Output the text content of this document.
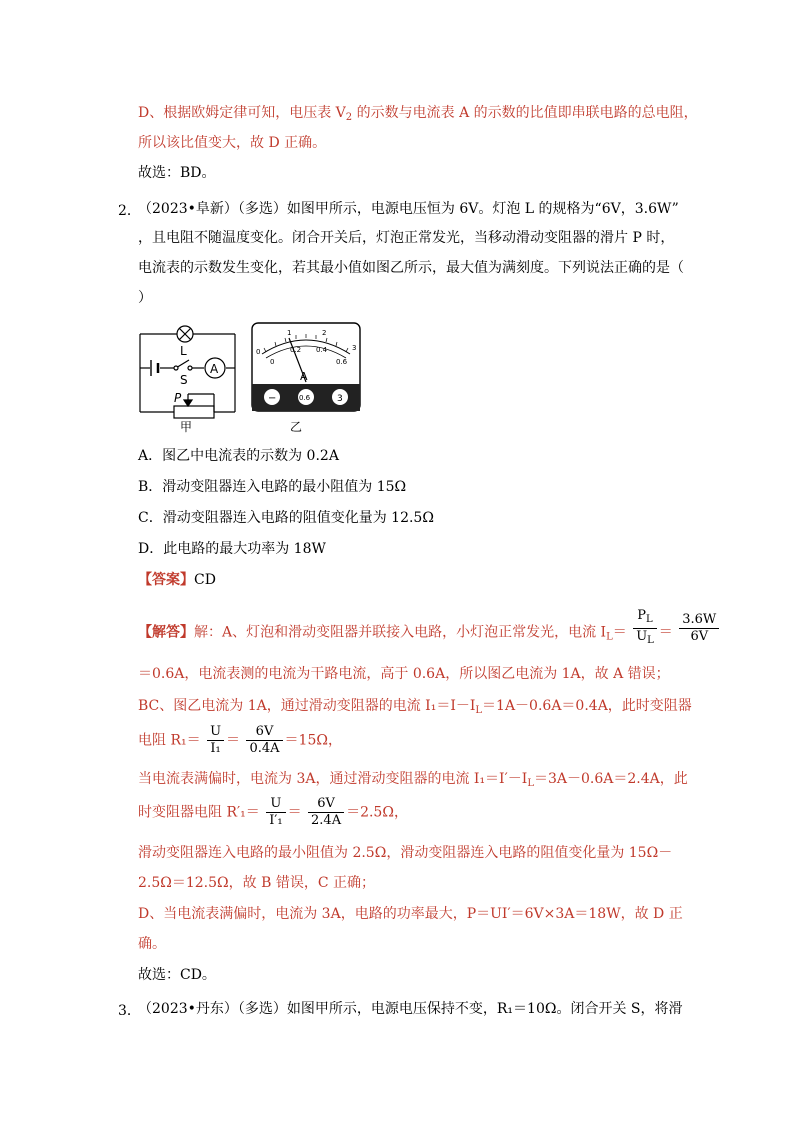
D、根据欧姆定律可知，电压表 $V_2$ 的示数与电流表 A 的示数的比值即串联电路的总电阻，
所以该比值变大，故 D 正确。
故选：BD。
2．
（2023•阜新）（多选）如图甲所示，电源电压恒为 6V。灯泡 L 的规格为“6V，3.6W”
，且电阻不随温度变化。闭合开关后，灯泡正常发光，当移动滑动变阻器的滑片 P 时，
电流表的示数发生变化，若其最小值如图乙所示，最大值为满刻度。下列说法正确的是（
）
L
S
A
P
甲
0
1	2
3
0
0.2 0.4
0.6
A
−	0.6	3
乙
A．图乙中电流表的示数为 0.2A
B．滑动变阻器连入电路的最小阻值为 15Ω
C．滑动变阻器连入电路的阻值变化量为 12.5Ω
D．此电路的最大功率为 18W
【答案】CD
【解答】解：A、灯泡和滑动变阻器并联接入电路，小灯泡正常发光，电流 $I_L= \frac{P_L}{U_L} = \frac{3.6W}{6V}$
＝0.6A，电流表测的电流为干路电流，高于 0.6A，所以图乙电流为 1A，故 A 错误；
BC、图乙电流为 1A，通过滑动变阻器的电流 $I_1=I-I_L=1A-0.6A=0.4A$，此时变阻器
电阻 $R_1= \frac{U}{\text{I₁}} = \frac{6V}{0.4A} =15\Omega$，
当电流表满偏时，电流为 3A，通过滑动变阻器的电流 $I_1=I'-I_L=3A-0.6A=2.4A$，此
时变阻器电阻 $R'_1= \frac{U}{\text{I′₁}} = \frac{6V}{2.4A} =2.5\Omega$，
滑动变阻器连入电路的最小阻值为 2.5Ω，滑动变阻器连入电路的阻值变化量为 15Ω－
2.5Ω＝12.5Ω，故 B 错误，C 正确；
D、当电流表满偏时，电流为 3A，电路的功率最大，P＝UI′＝6V×3A＝18W，故 D 正
确。
故选：CD。
3．
（2023•丹东）（多选）如图甲所示，电源电压保持不变，R₁＝10Ω。闭合开关 S，将滑
